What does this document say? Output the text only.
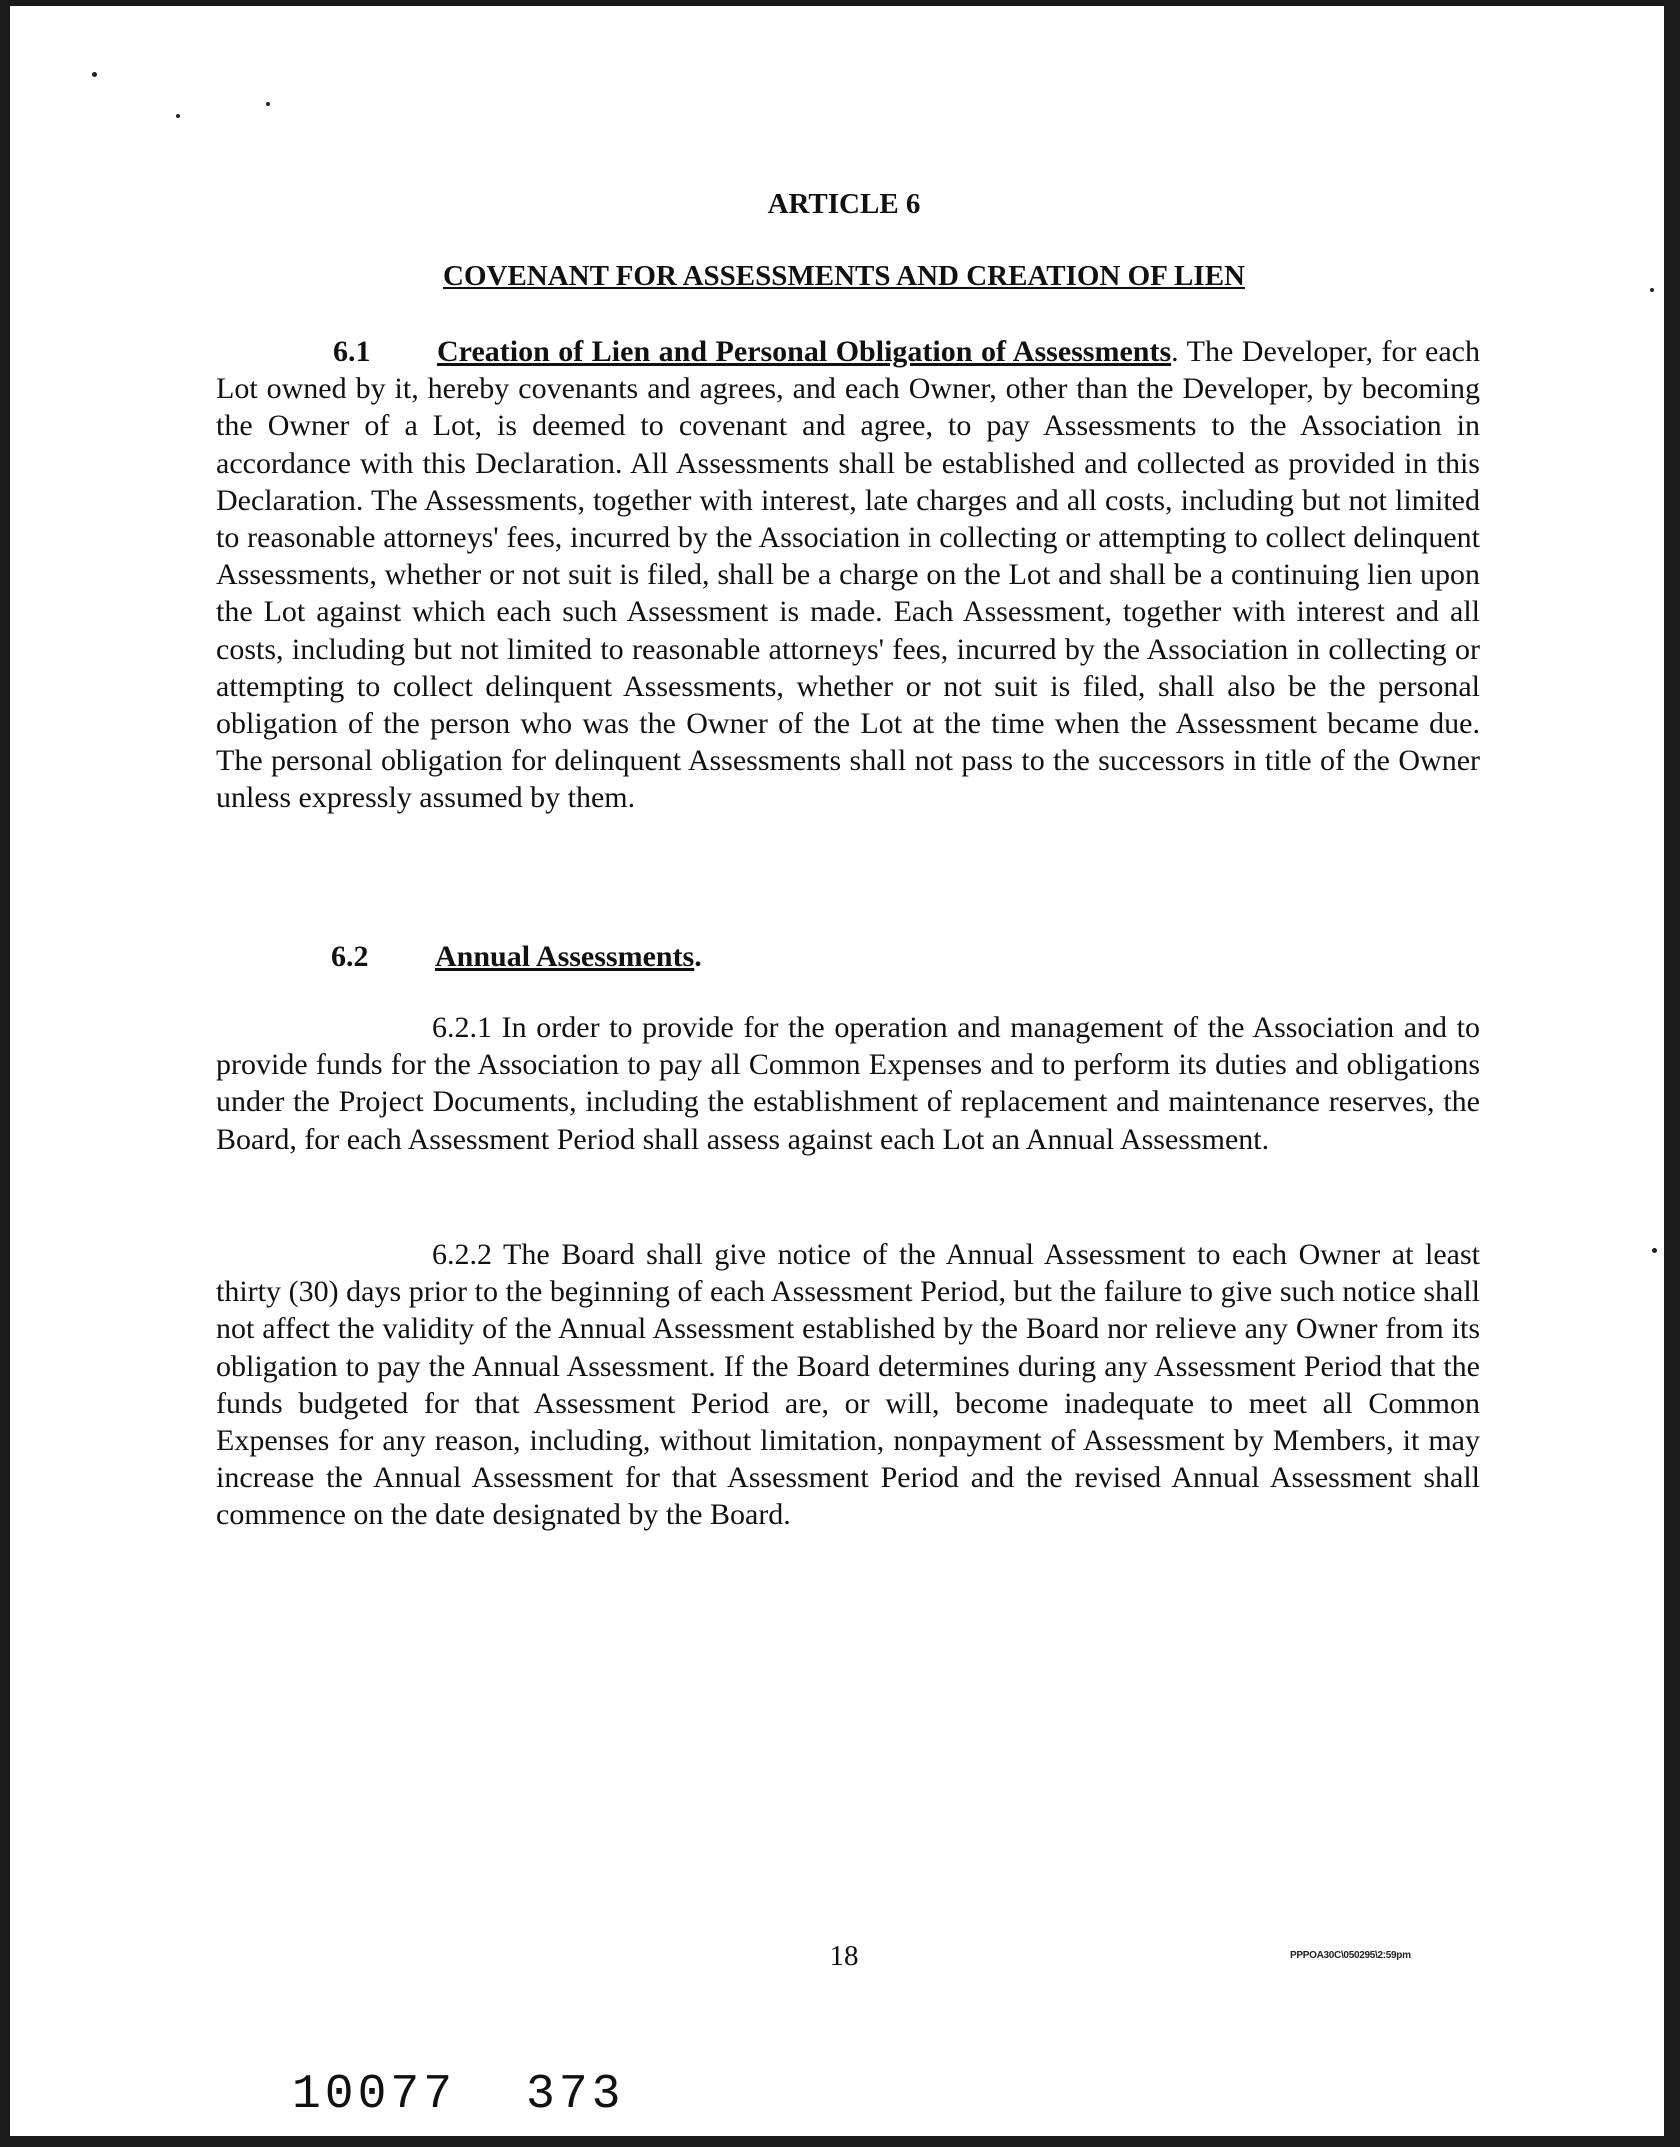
ARTICLE 6
COVENANT FOR ASSESSMENTS AND CREATION OF LIEN
6.1 Creation of Lien and Personal Obligation of Assessments. The Developer, for each Lot owned by it, hereby covenants and agrees, and each Owner, other than the Developer, by becoming the Owner of a Lot, is deemed to covenant and agree, to pay Assessments to the Association in accordance with this Declaration. All Assessments shall be established and collected as provided in this Declaration. The Assessments, together with interest, late charges and all costs, including but not limited to reasonable attorneys' fees, incurred by the Association in collecting or attempting to collect delinquent Assessments, whether or not suit is filed, shall be a charge on the Lot and shall be a continuing lien upon the Lot against which each such Assessment is made. Each Assessment, together with interest and all costs, including but not limited to reasonable attorneys' fees, incurred by the Association in collecting or attempting to collect delinquent Assessments, whether or not suit is filed, shall also be the personal obligation of the person who was the Owner of the Lot at the time when the Assessment became due. The personal obligation for delinquent Assessments shall not pass to the successors in title of the Owner unless expressly assumed by them.
6.2 Annual Assessments.
6.2.1 In order to provide for the operation and management of the Association and to provide funds for the Association to pay all Common Expenses and to perform its duties and obligations under the Project Documents, including the establishment of replacement and maintenance reserves, the Board, for each Assessment Period shall assess against each Lot an Annual Assessment.
6.2.2 The Board shall give notice of the Annual Assessment to each Owner at least thirty (30) days prior to the beginning of each Assessment Period, but the failure to give such notice shall not affect the validity of the Annual Assessment established by the Board nor relieve any Owner from its obligation to pay the Annual Assessment. If the Board determines during any Assessment Period that the funds budgeted for that Assessment Period are, or will, become inadequate to meet all Common Expenses for any reason, including, without limitation, nonpayment of Assessment by Members, it may increase the Annual Assessment for that Assessment Period and the revised Annual Assessment shall commence on the date designated by the Board.
18	PPPOA30C\050295\2:59pm
10077 373
